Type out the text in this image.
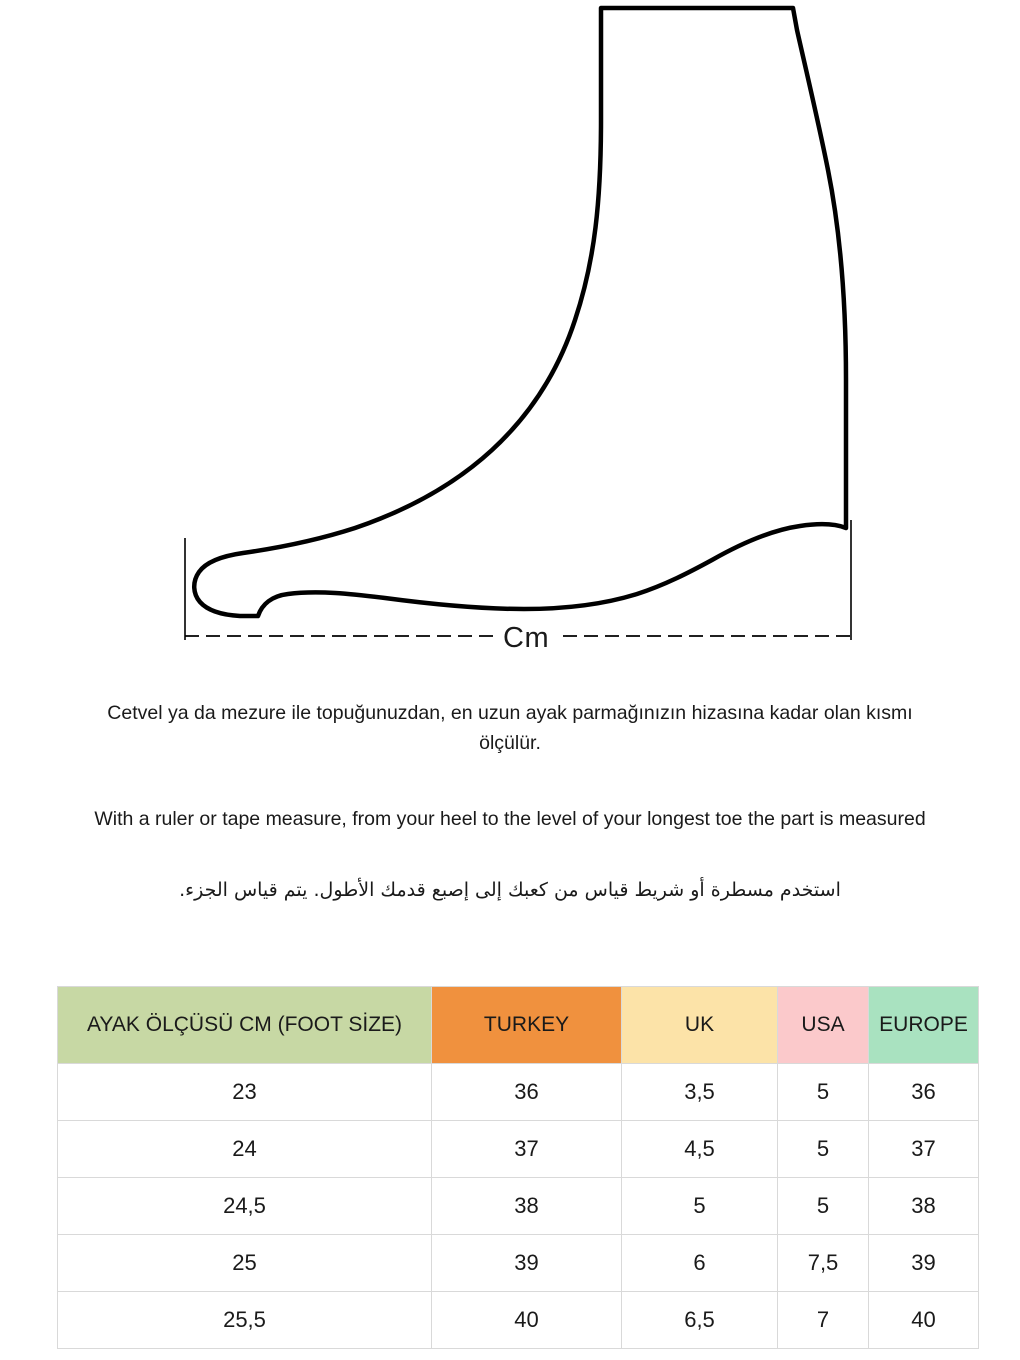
Cm

Cetvel ya da mezure ile topuğunuzdan, en uzun ayak parmağınızın hizasına kadar olan kısmı ölçülür.

With a ruler or tape measure, from your heel to the level of your longest toe the part is measured

استخدم مسطرة أو شريط قياس من كعبك إلى إصبع قدمك الأطول. يتم قياس الجزء.

AYAK ÖLÇÜSÜ CM (FOOT SİZE)	TURKEY	UK	USA	EUROPE
23	36	3,5	5	36
24	37	4,5	5	37
24,5	38	5	5	38
25	39	6	7,5	39
25,5	40	6,5	7	40
